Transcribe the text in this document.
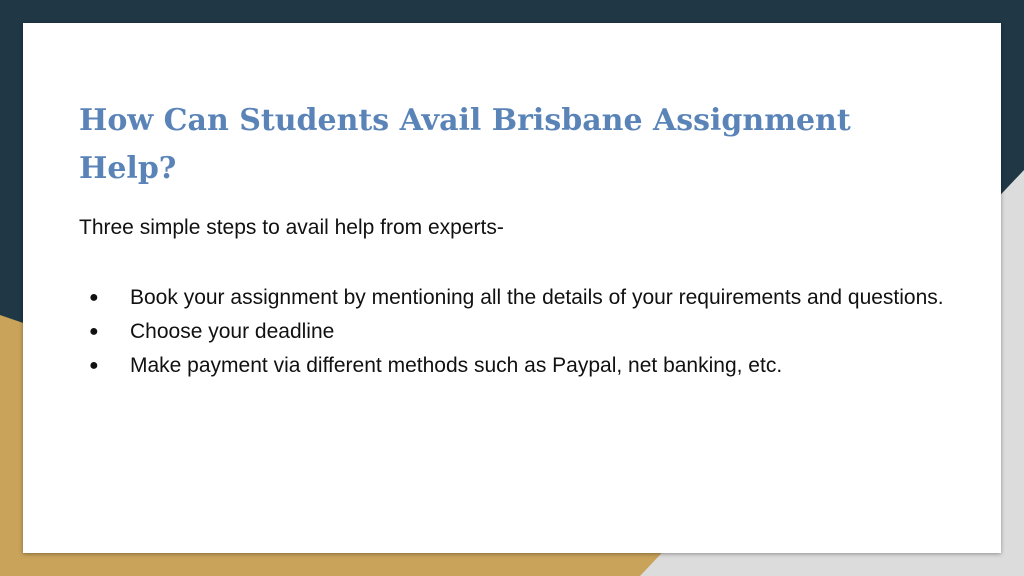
How Can Students Avail Brisbane Assignment Help?

Three simple steps to avail help from experts-

● Book your assignment by mentioning all the details of your requirements and questions.
● Choose your deadline
● Make payment via different methods such as Paypal, net banking, etc.
